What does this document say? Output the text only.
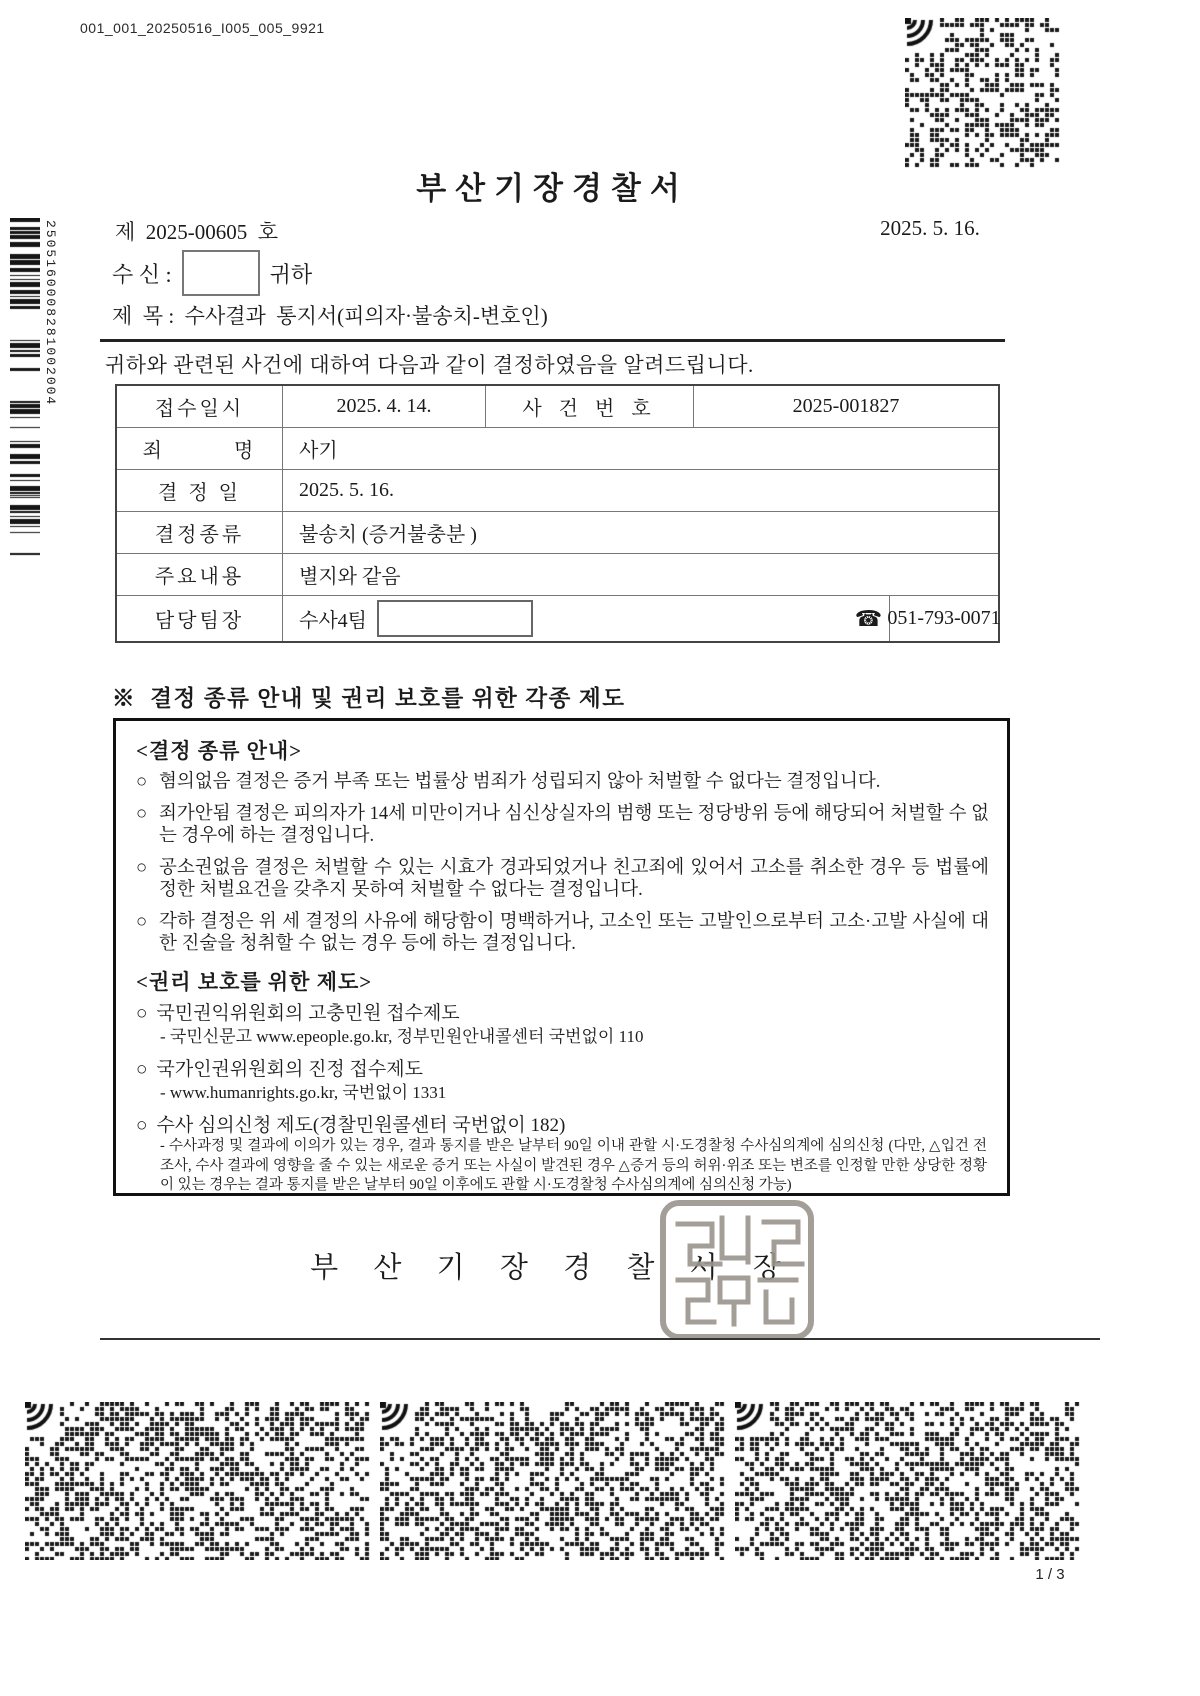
001_001_20250516_I005_005_9921
2505160008281002004
부산기장경찰서
제  2025-00605  호	2025. 5. 16.
수 신 :	귀하
제  목 :  수사결과  통지서(피의자·불송치-변호인)
귀하와 관련된 사건에 대하여 다음과 같이 결정하였음을 알려드립니다.
접수일시	2025. 4. 14.	사 건 번 호	2025-001827
죄　　　명	사기
결 정 일	2025. 5. 16.
결정종류	불송치 (증거불충분 )
주요내용	별지와 같음
담당팀장	수사4팀	☎ 051-793-0071
※  결정 종류 안내 및 권리 보호를 위한 각종 제도
<결정 종류 안내>
○ 혐의없음 결정은 증거 부족 또는 법률상 범죄가 성립되지 않아 처벌할 수 없다는 결정입니다.
○ 죄가안됨 결정은 피의자가 14세 미만이거나 심신상실자의 범행 또는 정당방위 등에 해당되어 처벌할 수 없는 경우에 하는 결정입니다.
○ 공소권없음 결정은 처벌할 수 있는 시효가 경과되었거나 친고죄에 있어서 고소를 취소한 경우 등 법률에 정한 처벌요건을 갖추지 못하여 처벌할 수 없다는 결정입니다.
○ 각하 결정은 위 세 결정의 사유에 해당함이 명백하거나, 고소인 또는 고발인으로부터 고소·고발 사실에 대한 진술을 청취할 수 없는 경우 등에 하는 결정입니다.
<권리 보호를 위한 제도>
○ 국민권익위원회의 고충민원 접수제도
- 국민신문고 www.epeople.go.kr, 정부민원안내콜센터 국번없이 110
○ 국가인권위원회의 진정 접수제도
- www.humanrights.go.kr, 국번없이 1331
○ 수사 심의신청 제도(경찰민원콜센터 국번없이 182)
- 수사과정 및 결과에 이의가 있는 경우, 결과 통지를 받은 날부터 90일 이내 관할 시·도경찰청 수사심의계에 심의신청 (다만, △입건 전 조사, 수사 결과에 영향을 줄 수 있는 새로운 증거 또는 사실이 발견된 경우 △증거 등의 허위·위조 또는 변조를 인정할 만한 상당한 정황이 있는 경우는 결과 통지를 받은 날부터 90일 이후에도 관할 시·도경찰청 수사심의계에 심의신청 가능)
부 산 기 장 경 찰 서 장
1 / 3
